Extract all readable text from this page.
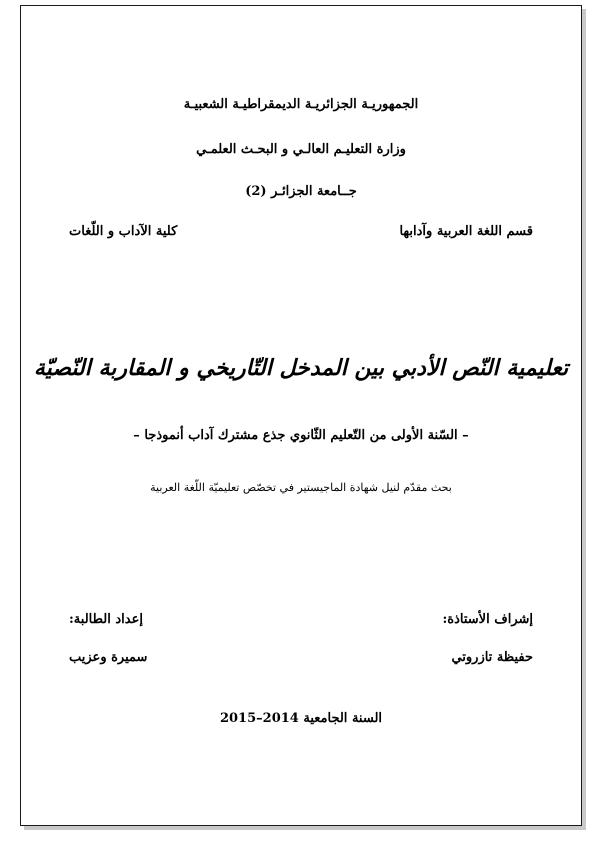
الجمهوريـة الجزائريـة الديمقراطيـة الشعبيـة
وزارة التعليـم العالـي و البحـث العلمـي
جــامعة الجزائـر (2)
كلية الآداب و اللّغات	قسم اللغة العربية وآدابها
تعليمية النّص الأدبي بين المدخل التّاريخي و المقاربة النّصيّة
– السّنة الأولى من التّعليم الثّانوي جذع مشترك آداب أنموذجا –
بحث مقدّم لنيل شهادة الماجيستير في تخصّص تعليميّة اللّغة العربية
إعداد الطالبة:	إشراف الأستاذة:
سميرة وعزيب	حفيظة تازروتي
السنة الجامعية 2014–2015
